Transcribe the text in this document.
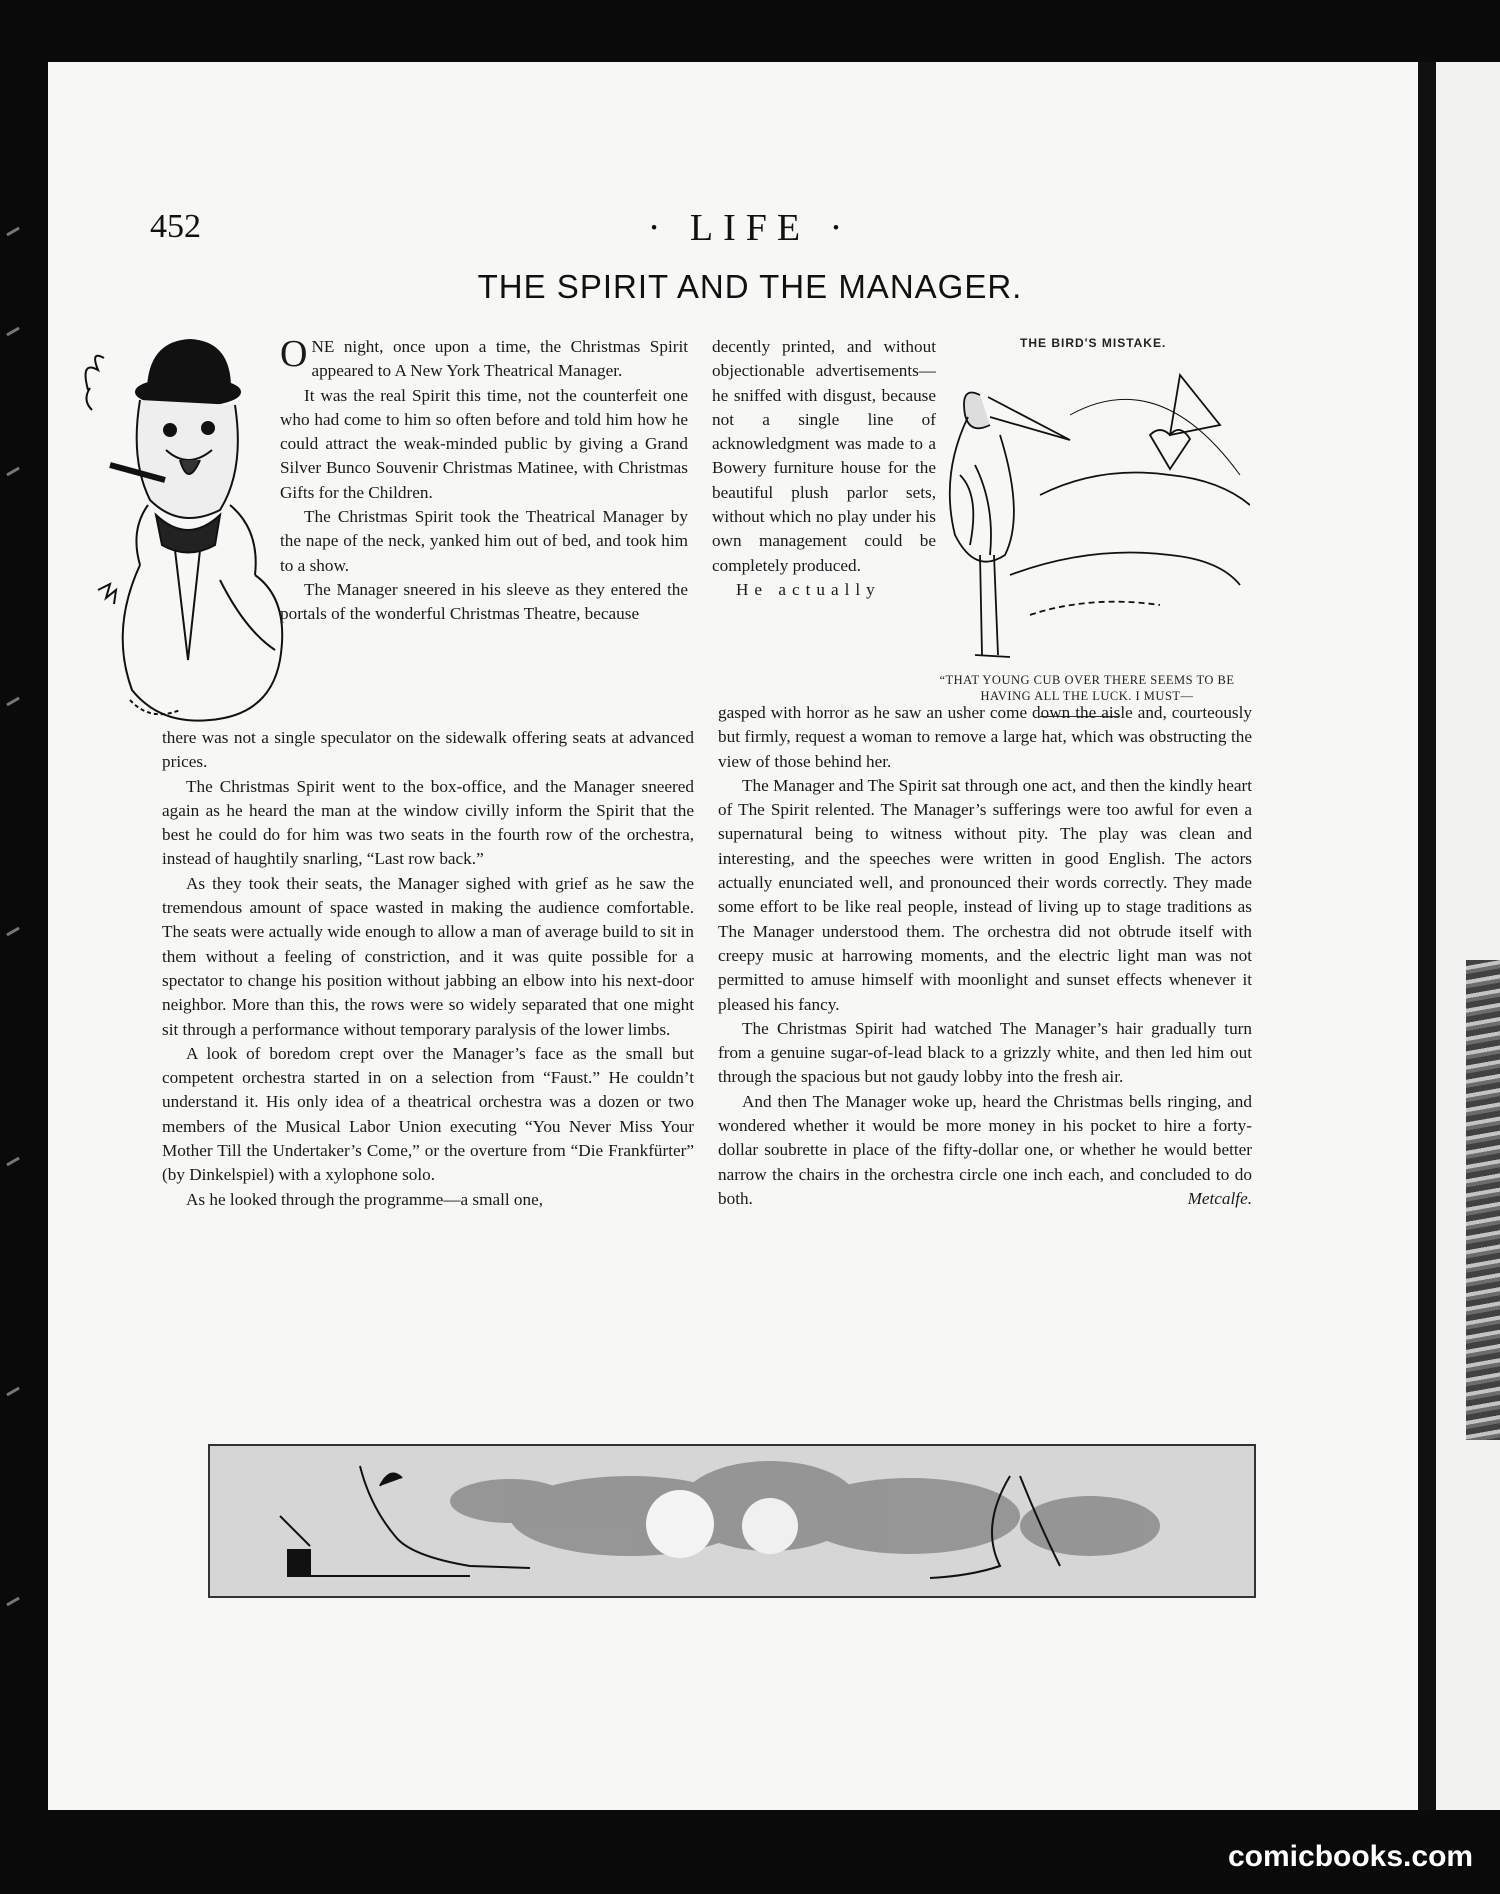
452	· LIFE ·
THE SPIRIT AND THE MANAGER.

ONE night, once upon a time, the Christmas Spirit appeared to A New York Theatrical Manager.

It was the real Spirit this time, not the counterfeit one who had come to him so often before and told him how he could attract the weak-minded public by giving a Grand Silver Bunco Souvenir Christmas Matinee, with Christmas Gifts for the Children.

The Christmas Spirit took the Theatrical Manager by the nape of the neck, yanked him out of bed, and took him to a show.

The Manager sneered in his sleeve as they entered the portals of the wonderful Christmas Theatre, because

there was not a single speculator on the sidewalk offering seats at advanced prices.

The Christmas Spirit went to the box-office, and the Manager sneered again as he heard the man at the window civilly inform the Spirit that the best he could do for him was two seats in the fourth row of the orchestra, instead of haughtily snarling, “Last row back.”

As they took their seats, the Manager sighed with grief as he saw the tremendous amount of space wasted in making the audience comfortable. The seats were actually wide enough to allow a man of average build to sit in them without a feeling of constriction, and it was quite possible for a spectator to change his position without jabbing an elbow into his next-door neighbor. More than this, the rows were so widely separated that one might sit through a performance without temporary paralysis of the lower limbs.

A look of boredom crept over the Manager’s face as the small but competent orchestra started in on a selection from “Faust.” He couldn’t understand it. His only idea of a theatrical orchestra was a dozen or two members of the Musical Labor Union executing “You Never Miss Your Mother Till the Undertaker’s Come,” or the overture from “Die Frankfürter” (by Dinkelspiel) with a xylophone solo.

As he looked through the programme—a small one,

decently printed, and without objectionable advertisements—he sniffed with disgust, because not a single line of acknowledgment was made to a Bowery furniture house for the beautiful plush parlor sets, without which no play under his own management could be completely produced.

He actually

THE BIRD'S MISTAKE.
“THAT YOUNG CUB OVER THERE SEEMS TO BE HAVING ALL THE LUCK. I MUST—

gasped with horror as he saw an usher come down the aisle and, courteously but firmly, request a woman to remove a large hat, which was obstructing the view of those behind her.

The Manager and The Spirit sat through one act, and then the kindly heart of The Spirit relented. The Manager’s sufferings were too awful for even a supernatural being to witness without pity. The play was clean and interesting, and the speeches were written in good English. The actors actually enunciated well, and pronounced their words correctly. They made some effort to be like real people, instead of living up to stage traditions as The Manager understood them. The orchestra did not obtrude itself with creepy music at harrowing moments, and the electric light man was not permitted to amuse himself with moonlight and sunset effects whenever it pleased his fancy.

The Christmas Spirit had watched The Manager’s hair gradually turn from a genuine sugar-of-lead black to a grizzly white, and then led him out through the spacious but not gaudy lobby into the fresh air.

And then The Manager woke up, heard the Christmas bells ringing, and wondered whether it would be more money in his pocket to hire a forty-dollar soubrette in place of the fifty-dollar one, or whether he would better narrow the chairs in the orchestra circle one inch each, and concluded to do both.	Metcalfe.

comicbooks.com
